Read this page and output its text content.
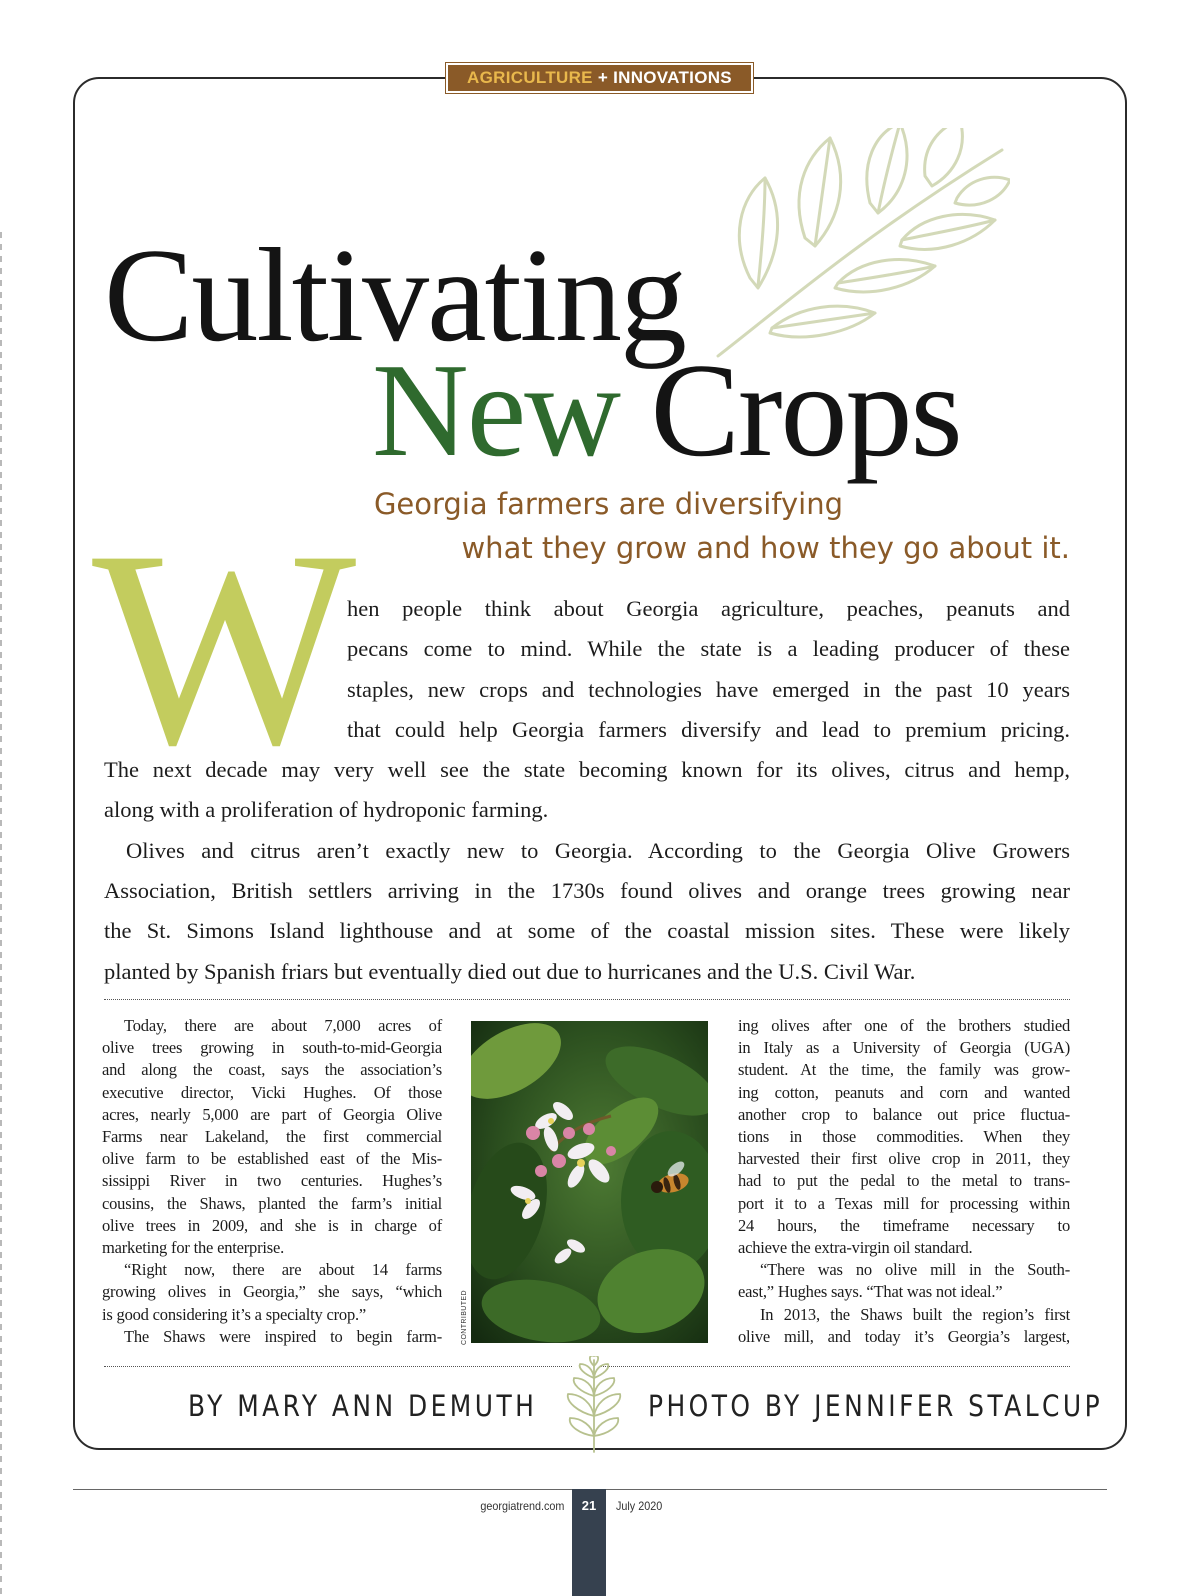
AGRICULTURE + INNOVATIONS
Cultivating
New Crops
Georgia farmers are diversifying
what they grow and how they go about it.
W

hen people think about Georgia agriculture, peaches, peanuts and
pecans come to mind. While the state is a leading producer of these
staples, new crops and technologies have emerged in the past 10 years
that could help Georgia farmers diversify and lead to premium pricing.
The next decade may very well see the state becoming known for its olives, citrus and hemp,
along with a proliferation of hydroponic farming.

Olives and citrus aren’t exactly new to Georgia. According to the Georgia Olive Growers
Association, British settlers arriving in the 1730s found olives and orange trees growing near
the St. Simons Island lighthouse and at some of the coastal mission sites. These were likely
planted by Spanish friars but eventually died out due to hurricanes and the U.S. Civil War.

Today, there are about 7,000 acres of
olive trees growing in south-to-mid-Georgia
and along the coast, says the association’s
executive director, Vicki Hughes. Of those
acres, nearly 5,000 are part of Georgia Olive
Farms near Lakeland, the first commercial
olive farm to be established east of the Mis-
sissippi River in two centuries. Hughes’s
cousins, the Shaws, planted the farm’s initial
olive trees in 2009, and she is in charge of
marketing for the enterprise.

“Right now, there are about 14 farms
growing olives in Georgia,” she says, “which
is good considering it’s a specialty crop.”

The Shaws were inspired to begin farm-	CONTRIBUTED

ing olives after one of the brothers studied
in Italy as a University of Georgia (UGA)
student. At the time, the family was grow-
ing cotton, peanuts and corn and wanted
another crop to balance out price fluctua-
tions in those commodities. When they
harvested their first olive crop in 2011, they
had to put the pedal to the metal to trans-
port it to a Texas mill for processing within
24 hours, the timeframe necessary to
achieve the extra-virgin oil standard.

“There was no olive mill in the South-
east,” Hughes says. “That was not ideal.”

In 2013, the Shaws built the region’s first
olive mill, and today it’s Georgia’s largest,

BY MARY ANN DEMUTH	PHOTO BY JENNIFER STALCUP
21
georgiatrend.com	July 2020
